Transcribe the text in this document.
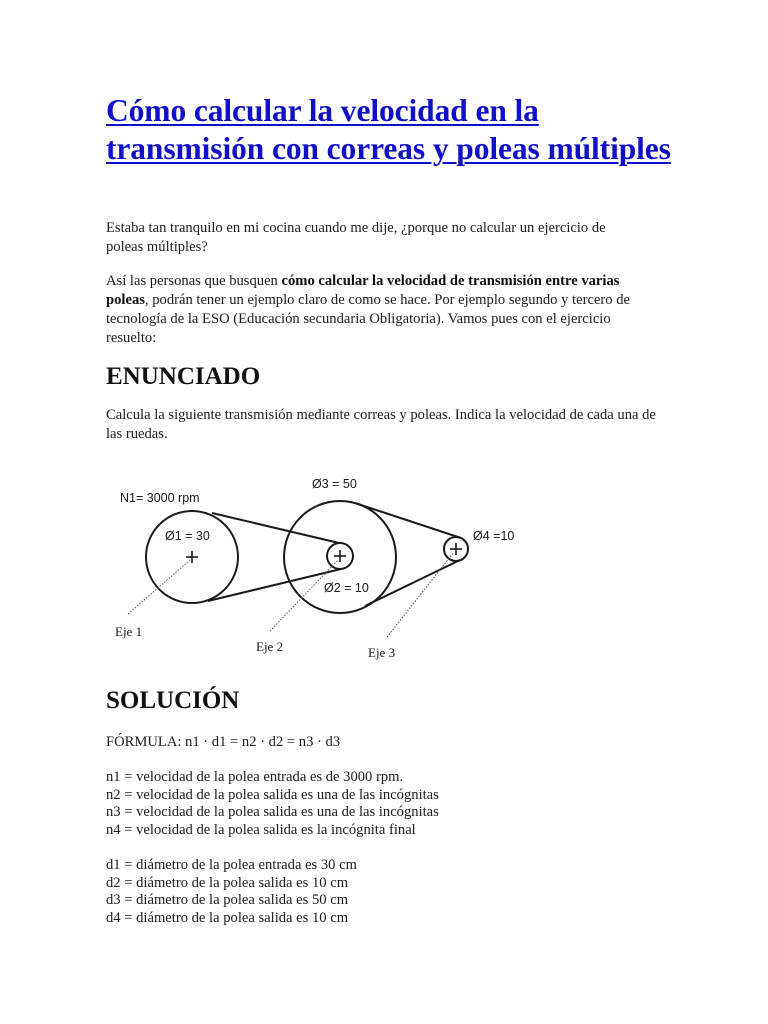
Cómo calcular la velocidad en la
transmisión con correas y poleas múltiples

Estaba tan tranquilo en mi cocina cuando me dije, ¿porque no calcular un ejercicio de poleas múltiples?

Así las personas que busquen cómo calcular la velocidad de transmisión entre varias poleas, podrán tener un ejemplo claro de como se hace. Por ejemplo segundo y tercero de tecnología de la ESO (Educación secundaria Obligatoria). Vamos pues con el ejercicio resuelto:

ENUNCIADO

Calcula la siguiente transmisión mediante correas y poleas. Indica la velocidad de cada una de las ruedas.

SOLUCIÓN

FÓRMULA: n1 · d1 = n2 · d2 = n3 · d3

n1 = velocidad de la polea entrada es de 3000 rpm.
n2 = velocidad de la polea salida es una de las incógnitas
n3 = velocidad de la polea salida es una de las incógnitas
n4 = velocidad de la polea salida es la incógnita final
d1 = diámetro de la polea entrada es 30 cm
d2 = diámetro de la polea salida es 10 cm
d3 = diámetro de la polea salida es 50 cm
d4 = diámetro de la polea salida es 10 cm
N1= 3000 rpm
Ø1 = 30
Ø3 = 50
Ø2 = 10
Ø4 =10
Eje 1
Eje 2	Eje 3
